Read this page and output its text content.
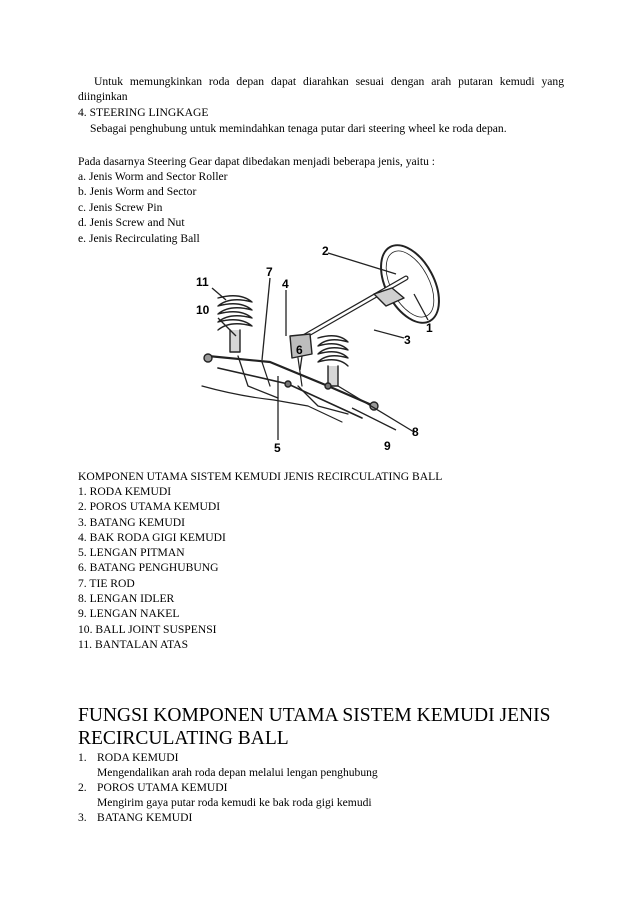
Untuk memungkinkan roda depan dapat diarahkan sesuai dengan arah putaran kemudi yang diinginkan
4. STEERING LINGKAGE
Sebagai penghubung untuk memindahkan tenaga putar dari steering wheel ke roda depan.
Pada dasarnya Steering Gear dapat dibedakan menjadi beberapa jenis, yaitu :
a. Jenis Worm and Sector Roller
b. Jenis Worm and Sector
c. Jenis Screw Pin
d. Jenis Screw and Nut
e. Jenis Recirculating Ball
1
2
3
4
5
6
7
8
9
10
11
KOMPONEN UTAMA SISTEM KEMUDI JENIS RECIRCULATING BALL
1. RODA KEMUDI
2. POROS UTAMA KEMUDI
3. BATANG KEMUDI
4. BAK RODA GIGI KEMUDI
5. LENGAN PITMAN
6. BATANG PENGHUBUNG
7. TIE ROD
8. LENGAN IDLER
9. LENGAN NAKEL
10. BALL JOINT SUSPENSI
11. BANTALAN ATAS
FUNGSI KOMPONEN UTAMA SISTEM KEMUDI JENIS RECIRCULATING BALL
1. RODA KEMUDI
Mengendalikan arah roda depan melalui lengan penghubung
2. POROS UTAMA KEMUDI
Mengirim gaya putar roda kemudi ke bak roda gigi kemudi
3. BATANG KEMUDI
